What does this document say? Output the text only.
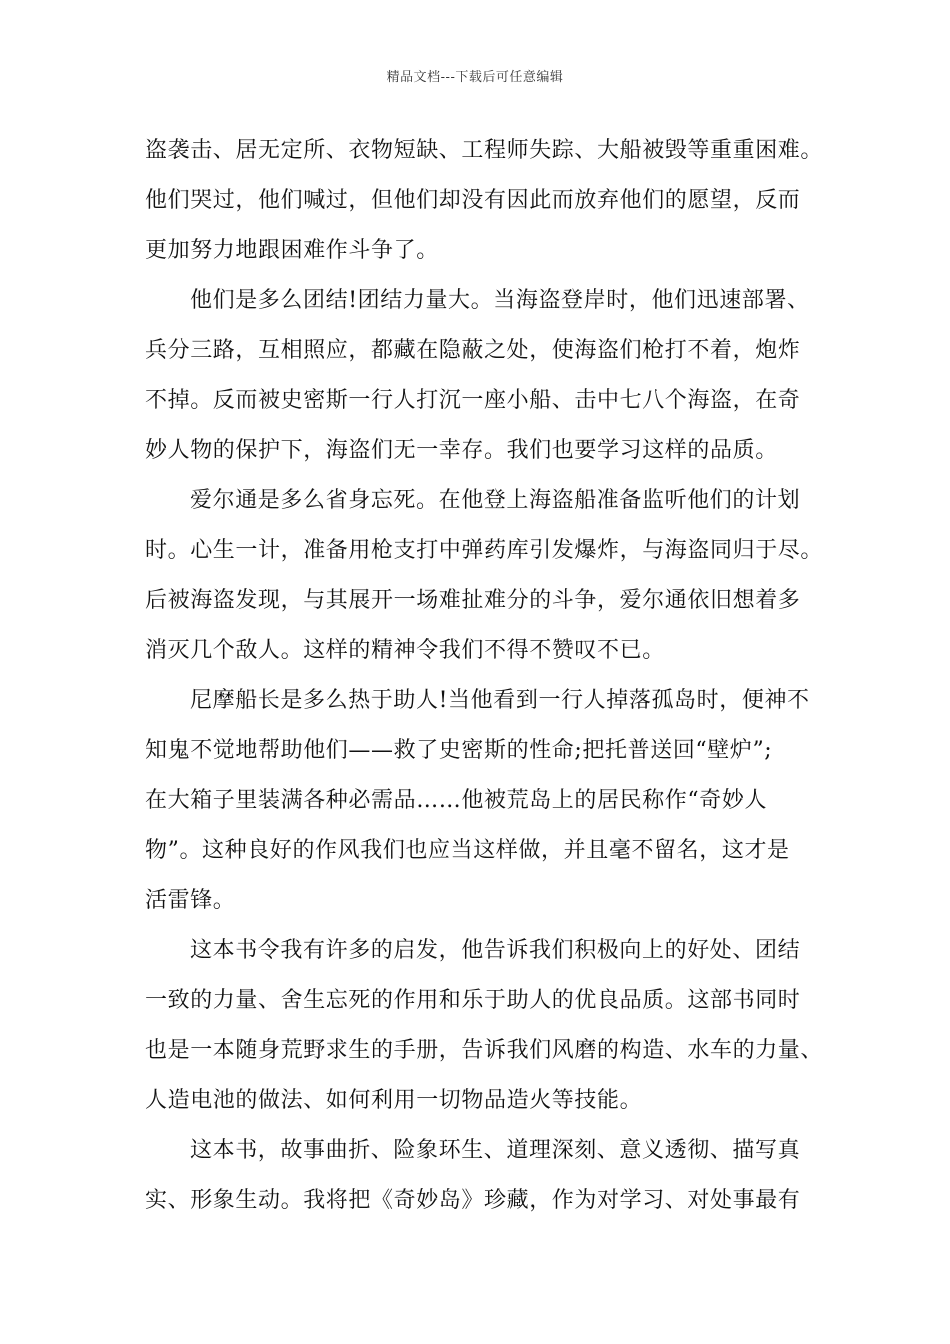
精品文档---下载后可任意编辑
盗袭击、居无定所、衣物短缺、工程师失踪、大船被毁等重重困难。
他们哭过，他们喊过，但他们却没有因此而放弃他们的愿望，反而
更加努力地跟困难作斗争了。
他们是多么团结!团结力量大。当海盗登岸时，他们迅速部署、
兵分三路，互相照应，都藏在隐蔽之处，使海盗们枪打不着，炮炸
不掉。反而被史密斯一行人打沉一座小船、击中七八个海盗，在奇
妙人物的保护下，海盗们无一幸存。我们也要学习这样的品质。
爱尔通是多么省身忘死。在他登上海盗船准备监听他们的计划
时。心生一计，准备用枪支打中弹药库引发爆炸，与海盗同归于尽。
后被海盗发现，与其展开一场难扯难分的斗争，爱尔通依旧想着多
消灭几个敌人。这样的精神令我们不得不赞叹不已。
尼摩船长是多么热于助人!当他看到一行人掉落孤岛时，便神不
知鬼不觉地帮助他们——救了史密斯的性命;把托普送回“壁炉”;
在大箱子里装满各种必需品……他被荒岛上的居民称作“奇妙人
物”。这种良好的作风我们也应当这样做，并且毫不留名，这才是
活雷锋。
这本书令我有许多的启发，他告诉我们积极向上的好处、团结
一致的力量、舍生忘死的作用和乐于助人的优良品质。这部书同时
也是一本随身荒野求生的手册，告诉我们风磨的构造、水车的力量、
人造电池的做法、如何利用一切物品造火等技能。
这本书，故事曲折、险象环生、道理深刻、意义透彻、描写真
实、形象生动。我将把《奇妙岛》珍藏，作为对学习、对处事最有
